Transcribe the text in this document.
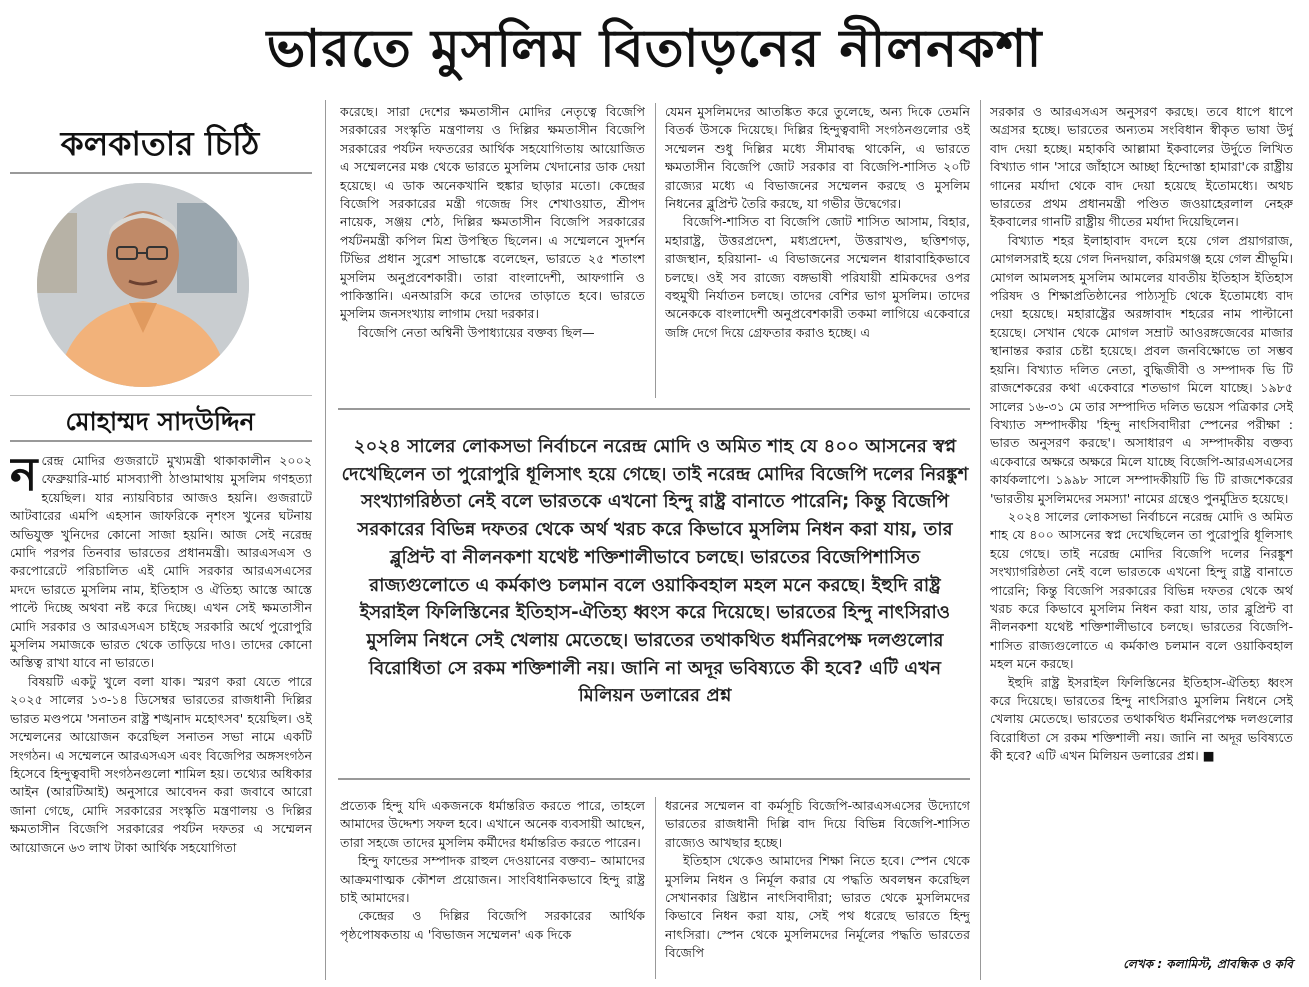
ভারতে মুসলিম বিতাড়নের নীলনকশা
কলকাতার চিঠি
মোহাম্মদ সাদউদ্দিন

নরেন্দ্র মোদির গুজরাটে মুখ্যমন্ত্রী থাকাকালীন ২০০২ ফেব্রুয়ারি-মার্চ মাসব্যাপী ঠাণ্ডামাথায় মুসলিম গণহত্যা হয়েছিল। যার ন্যায়বিচার আজও হয়নি। গুজরাটে আটবারের এমপি এহসান জাফরিকে নৃশংস খুনের ঘটনায় অভিযুক্ত খুনিদের কোনো সাজা হয়নি। আজ সেই নরেন্দ্র মোদি পরপর তিনবার ভারতের প্রধানমন্ত্রী। আরএসএস ও করপোরেটে পরিচালিত এই মোদি সরকার আরএসএসের মদদে ভারতে মুসলিম নাম, ইতিহাস ও ঐতিহ্য আস্তে আস্তে পাল্টে দিচ্ছে অথবা নষ্ট করে দিচ্ছে। এখন সেই ক্ষমতাসীন মোদি সরকার ও আরএসএস চাইছে সরকারি অর্থে পুরোপুরি মুসলিম সমাজকে ভারত থেকে তাড়িয়ে দাও। তাদের কোনো অস্তিত্ব রাখা যাবে না ভারতে।

বিষয়টি একটু খুলে বলা যাক। স্মরণ করা যেতে পারে ২০২৫ সালের ১৩-১৪ ডিসেম্বর ভারতের রাজধানী দিল্লির ভারত মণ্ডপমে 'সনাতন রাষ্ট্র শঙ্খনাদ মহোৎসব' হয়েছিল। ওই সম্মেলনের আয়োজন করেছিল সনাতন সভা নামে একটি সংগঠন। এ সম্মেলনে আরএসএস এবং বিজেপির অঙ্গসংগঠন হিসেবে হিন্দুত্ববাদী সংগঠনগুলো শামিল হয়। তথ্যের অধিকার আইন (আরটিআই) অনুসারে আবেদন করা জবাবে আরো জানা গেছে, মোদি সরকারের সংস্কৃতি মন্ত্রণালয় ও দিল্লির ক্ষমতাসীন বিজেপি সরকারের পর্যটন দফতর এ সম্মেলন আয়োজনে ৬৩ লাখ টাকা আর্থিক সহযোগিতা

করেছে। সারা দেশের ক্ষমতাসীন মোদির নেতৃত্বে বিজেপি সরকারের সংস্কৃতি মন্ত্রণালয় ও দিল্লির ক্ষমতাসীন বিজেপি সরকারের পর্যটন দফতরের আর্থিক সহযোগিতায় আয়োজিত এ সম্মেলনের মঞ্চ থেকে ভারতে মুসলিম খেদানোর ডাক দেয়া হয়েছে। এ ডাক অনেকখানি হুঙ্কার ছাড়ার মতো। কেন্দ্রের বিজেপি সরকারের মন্ত্রী গজেন্দ্র সিং শেখাওয়াত, শ্রীপদ নায়েক, সঞ্জয় শেঠ, দিল্লির ক্ষমতাসীন বিজেপি সরকারের পর্যটনমন্ত্রী কপিল মিশ্র উপস্থিত ছিলেন। এ সম্মেলনে সুদর্শন টিভির প্রধান সুরেশ সাভাঙ্কে বলেছেন, ভারতে ২৫ শতাংশ মুসলিম অনুপ্রবেশকারী। তারা বাংলাদেশী, আফগানি ও পাকিস্তানি। এনআরসি করে তাদের তাড়াতে হবে। ভারতে মুসলিম জনসংখ্যায় লাগাম দেয়া দরকার।

বিজেপি নেতা অশ্বিনী উপাধ্যায়ের বক্তব্য ছিল—

যেমন মুসলিমদের আতঙ্কিত করে তুলেছে, অন্য দিকে তেমনি বিতর্ক উসকে দিয়েছে। দিল্লির হিন্দুত্ববাদী সংগঠনগুলোর ওই সম্মেলন শুধু দিল্লির মধ্যে সীমাবদ্ধ থাকেনি, এ ভারতে ক্ষমতাসীন বিজেপি জোট সরকার বা বিজেপি-শাসিত ২০টি রাজ্যের মধ্যে এ বিভাজনের সম্মেলন করছে ও মুসলিম নিধনের ব্লুপ্রিন্ট তৈরি করছে, যা গভীর উদ্বেগের।

বিজেপি-শাসিত বা বিজেপি জোট শাসিত আসাম, বিহার, মহারাষ্ট্র, উত্তরপ্রদেশ, মধ্যপ্রদেশ, উত্তরাখণ্ড, ছত্তিশগড়, রাজস্থান, হরিয়ানা- এ বিভাজনের সম্মেলন ধারাবাহিকভাবে চলছে। ওই সব রাজ্যে বঙ্গভাষী পরিযায়ী শ্রমিকদের ওপর বহুমুখী নির্যাতন চলছে। তাদের বেশির ভাগ মুসলিম। তাদের অনেককে বাংলাদেশী অনুপ্রবেশকারী তকমা লাগিয়ে একেবারে জঙ্গি দেগে দিয়ে গ্রেফতার করাও হচ্ছে। এ

২০২৪ সালের লোকসভা নির্বাচনে নরেন্দ্র মোদি ও অমিত শাহ যে ৪০০ আসনের স্বপ্ন দেখেছিলেন তা পুরোপুরি ধূলিসাৎ হয়ে গেছে। তাই নরেন্দ্র মোদির বিজেপি দলের নিরঙ্কুশ সংখ্যাগরিষ্ঠতা নেই বলে ভারতকে এখনো হিন্দু রাষ্ট্র বানাতে পারেনি; কিন্তু বিজেপি সরকারের বিভিন্ন দফতর থেকে অর্থ খরচ করে কিভাবে মুসলিম নিধন করা যায়, তার ব্লুপ্রিন্ট বা নীলনকশা যথেষ্ট শক্তিশালীভাবে চলছে। ভারতের বিজেপিশাসিত রাজ্যগুলোতে এ কর্মকাণ্ড চলমান বলে ওয়াকিবহাল মহল মনে করছে। ইহুদি রাষ্ট্র ইসরাইল ফিলিস্তিনের ইতিহাস-ঐতিহ্য ধ্বংস করে দিয়েছে। ভারতের হিন্দু নাৎসিরাও মুসলিম নিধনে সেই খেলায় মেতেছে। ভারতের তথাকথিত ধর্মনিরপেক্ষ দলগুলোর বিরোধিতা সে রকম শক্তিশালী নয়। জানি না অদূর ভবিষ্যতে কী হবে? এটি এখন মিলিয়ন ডলারের প্রশ্ন

প্রত্যেক হিন্দু যদি একজনকে ধর্মান্তরিত করতে পারে, তাহলে আমাদের উদ্দেশ্য সফল হবে। এখানে অনেক ব্যবসায়ী আছেন, তারা সহজে তাদের মুসলিম কর্মীদের ধর্মান্তরিত করতে পারেন।

হিন্দু ফান্ডের সম্পাদক রাহুল দেওয়ানের বক্তব্য– আমাদের আক্রমণাত্মক কৌশল প্রয়োজন। সাংবিধানিকভাবে হিন্দু রাষ্ট্র চাই আমাদের।

কেন্দ্রের ও দিল্লির বিজেপি সরকারের আর্থিক পৃষ্ঠপোষকতায় এ 'বিভাজন সম্মেলন' এক দিকে

ধরনের সম্মেলন বা কর্মসূচি বিজেপি-আরএসএসের উদ্যোগে ভারতের রাজধানী দিল্লি বাদ দিয়ে বিভিন্ন বিজেপি-শাসিত রাজ্যেও আখছার হচ্ছে।

ইতিহাস থেকেও আমাদের শিক্ষা নিতে হবে। স্পেন থেকে মুসলিম নিধন ও নির্মূল করার যে পদ্ধতি অবলম্বন করেছিল সেখানকার খ্রিষ্টান নাৎসিবাদীরা; ভারত থেকে মুসলিমদের কিভাবে নিধন করা যায়, সেই পথ ধরেছে ভারতে হিন্দু নাৎসিরা। স্পেন থেকে মুসলিমদের নির্মূলের পদ্ধতি ভারতের বিজেপি

সরকার ও আরএসএস অনুসরণ করছে। তবে ধাপে ধাপে অগ্রসর হচ্ছে। ভারতের অন্যতম সংবিধান স্বীকৃত ভাষা উর্দু বাদ দেয়া হচ্ছে। মহাকবি আল্লামা ইকবালের উর্দুতে লিখিত বিখ্যাত গান 'সারে জাঁহাসে আচ্ছা হিন্দোস্তা হামারা'কে রাষ্ট্রীয় গানের মর্যাদা থেকে বাদ দেয়া হয়েছে ইতোমধ্যে। অথচ ভারতের প্রথম প্রধানমন্ত্রী পণ্ডিত জওয়াহেরলাল নেহরু ইকবালের গানটি রাষ্ট্রীয় গীতের মর্যাদা দিয়েছিলেন।

বিখ্যাত শহর ইলাহাবাদ বদলে হয়ে গেল প্রয়াগরাজ, মোগলসরাই হয়ে গেল দিনদয়াল, করিমগঞ্জ হয়ে গেল শ্রীভূমি। মোগল আমলসহ মুসলিম আমলের যাবতীয় ইতিহাস ইতিহাস পরিষদ ও শিক্ষাপ্রতিষ্ঠানের পাঠ্যসূচি থেকে ইতোমধ্যে বাদ দেয়া হয়েছে। মহারাষ্ট্রের অরঙ্গাবাদ শহরের নাম পাল্টানো হয়েছে। সেখান থেকে মোগল সম্রাট আওরঙ্গজেবের মাজার স্থানান্তর করার চেষ্টা হয়েছে। প্রবল জনবিক্ষোভে তা সম্ভব হয়নি। বিখ্যাত দলিত নেতা, বুদ্ধিজীবী ও সম্পাদক ভি টি রাজশেকরের কথা একেবারে শতভাগ মিলে যাচ্ছে। ১৯৮৫ সালের ১৬-৩১ মে তার সম্পাদিত দলিত ভয়েস পত্রিকার সেই বিখ্যাত সম্পাদকীয় 'হিন্দু নাৎসিবাদীরা স্পেনের পরীক্ষা : ভারত অনুসরণ করছে'। অসাধারণ এ সম্পাদকীয় বক্তব্য একেবারে অক্ষরে অক্ষরে মিলে যাচ্ছে বিজেপি-আরএসএসের কার্যকলাপে। ১৯৯৮ সালে সম্পাদকীয়টি ভি টি রাজশেকরের 'ভারতীয় মুসলিমদের সমস্যা' নামের গ্রন্থেও পুনর্মুদ্রিত হয়েছে।

২০২৪ সালের লোকসভা নির্বাচনে নরেন্দ্র মোদি ও অমিত শাহ যে ৪০০ আসনের স্বপ্ন দেখেছিলেন তা পুরোপুরি ধূলিসাৎ হয়ে গেছে। তাই নরেন্দ্র মোদির বিজেপি দলের নিরঙ্কুশ সংখ্যাগরিষ্ঠতা নেই বলে ভারতকে এখনো হিন্দু রাষ্ট্র বানাতে পারেনি; কিন্তু বিজেপি সরকারের বিভিন্ন দফতর থেকে অর্থ খরচ করে কিভাবে মুসলিম নিধন করা যায়, তার ব্লুপ্রিন্ট বা নীলনকশা যথেষ্ট শক্তিশালীভাবে চলছে। ভারতের বিজেপি-শাসিত রাজ্যগুলোতে এ কর্মকাণ্ড চলমান বলে ওয়াকিবহাল মহল মনে করছে।

ইহুদি রাষ্ট্র ইসরাইল ফিলিস্তিনের ইতিহাস-ঐতিহ্য ধ্বংস করে দিয়েছে। ভারতের হিন্দু নাৎসিরাও মুসলিম নিধনে সেই খেলায় মেতেছে। ভারতের তথাকথিত ধর্মনিরপেক্ষ দলগুলোর বিরোধিতা সে রকম শক্তিশালী নয়। জানি না অদূর ভবিষ্যতে কী হবে? এটি এখন মিলিয়ন ডলারের প্রশ্ন। ■

লেখক : কলামিস্ট, প্রাবন্ধিক ও কবি
